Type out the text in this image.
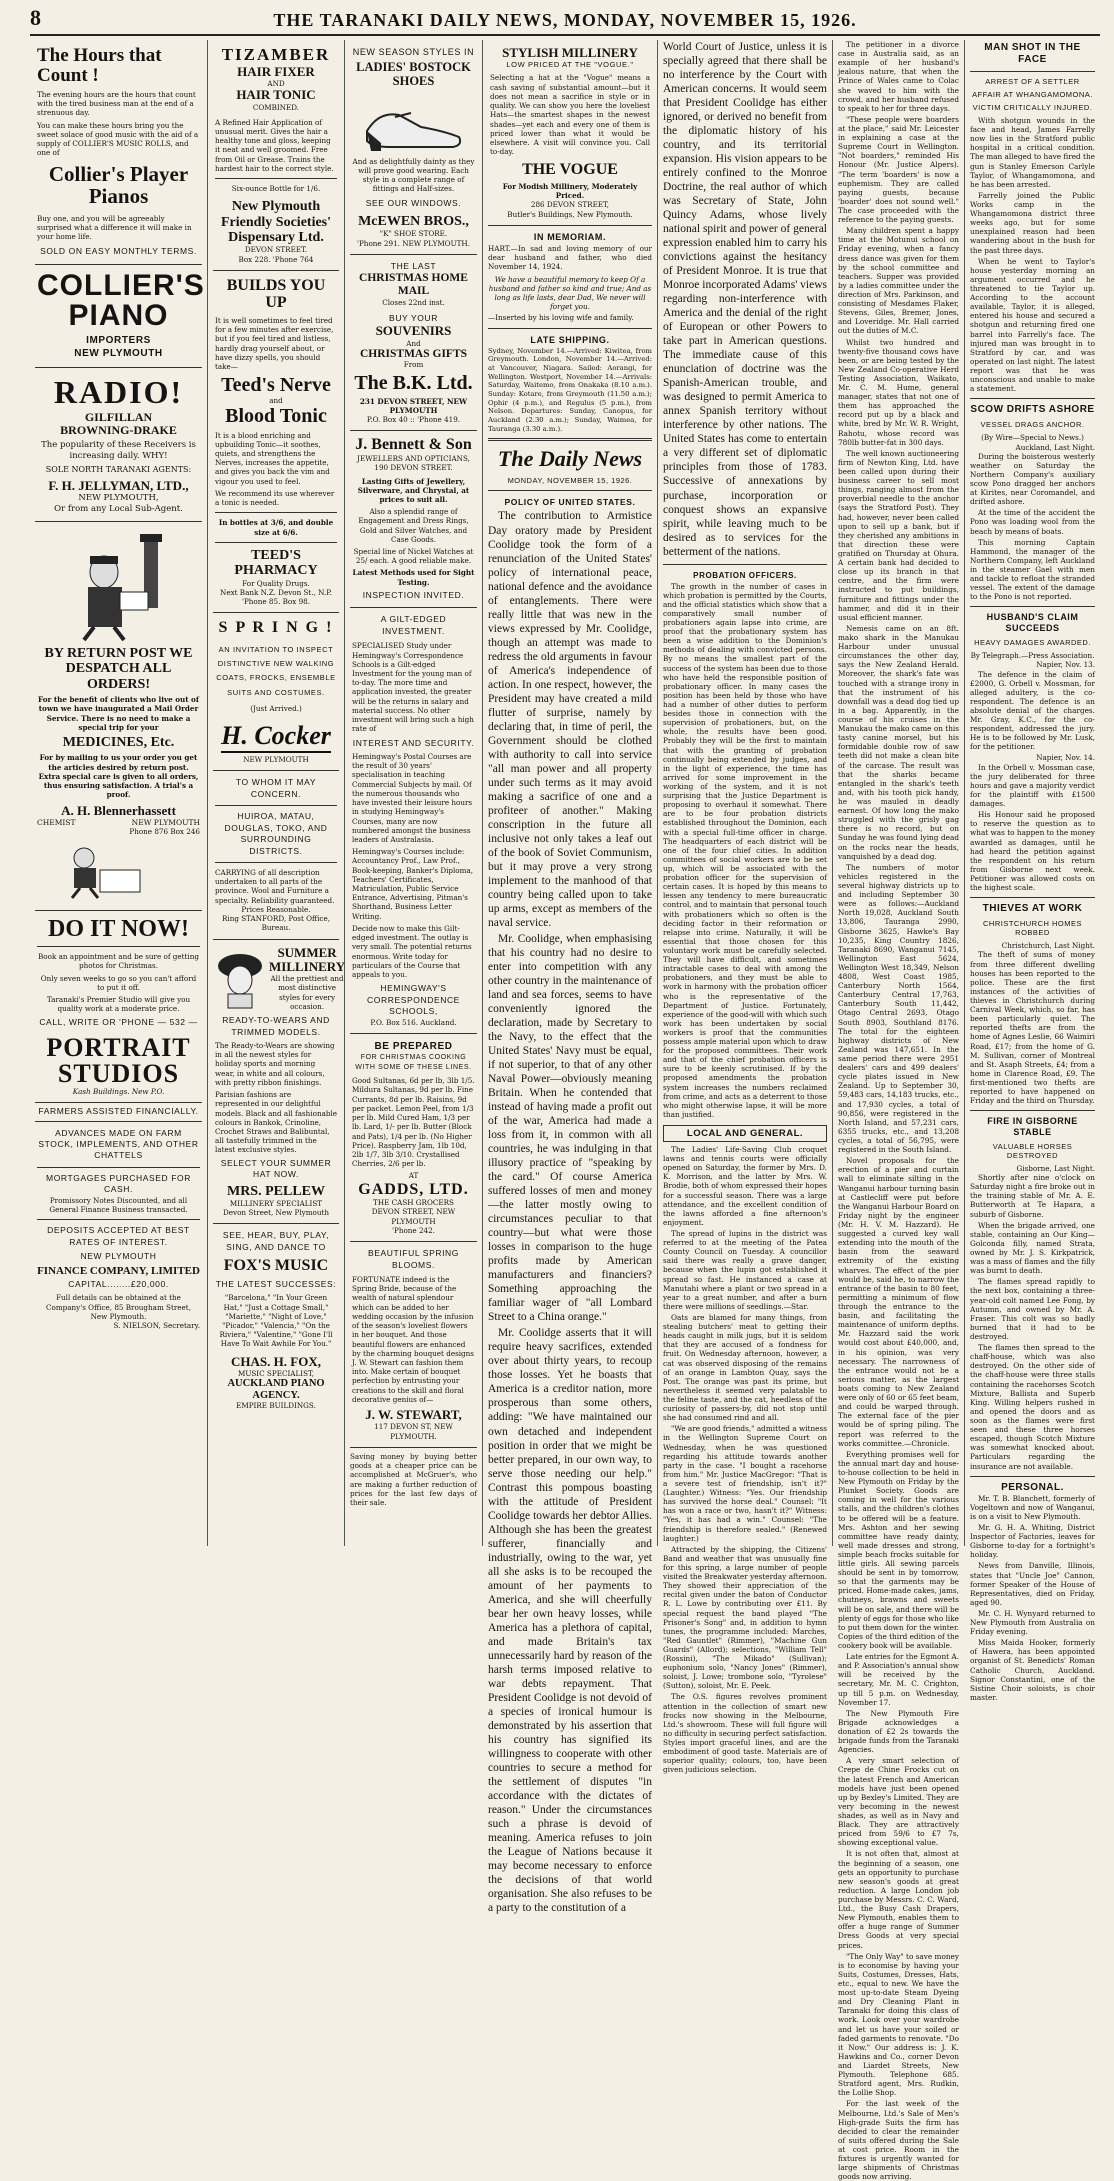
8	THE TARANAKI DAILY NEWS, MONDAY, NOVEMBER 15, 1926.
The Hours that Count !

The evening hours are the hours that count with the tired business man at the end of a strenuous day.

You can make these hours bring you the sweet solace of good music with the aid of a supply of COLLIER'S MUSIC ROLLS, and one of

Collier's Player Pianos

Buy one, and you will be agreeably surprised what a difference it will make in your home life.

SOLD ON EASY MONTHLY TERMS.
COLLIER'S PIANO
IMPORTERS
NEW PLYMOUTH
RADIO!
GILFILLAN
BROWNING-DRAKE

The popularity of these Receivers is increasing daily. WHY!

SOLE NORTH TARANAKI AGENTS:

F. H. JELLYMAN, LTD.,

NEW PLYMOUTH,

Or from any Local Sub-Agent.

BY RETURN POST WE DESPATCH ALL ORDERS!

For the benefit of clients who live out of town we have inaugurated a Mail Order Service. There is no need to make a special trip for your

MEDICINES, Etc.

For by mailing to us your order you get the articles desired by return post. Extra special care is given to all orders, thus ensuring satisfaction. A trial's a proof.

A. H. Blennerhassett
CHEMIST	NEW PLYMOUTH
Phone 876 Box 246
DO IT NOW!

Book an appointment and be sure of getting photos for Christmas.

Only seven weeks to go so you can't afford to put it off.

Taranaki's Premier Studio will give you quality work at a moderate price.

CALL, WRITE OR 'PHONE — 532 —
PORTRAIT STUDIOS
Kash Buildings. New P.O.
FARMERS ASSISTED FINANCIALLY.
ADVANCES MADE ON FARM STOCK, IMPLEMENTS, AND OTHER CHATTELS
MORTGAGES PURCHASED FOR CASH.

Promissory Notes Discounted, and all General Finance Business transacted.

DEPOSITS ACCEPTED AT BEST RATES OF INTEREST.
NEW PLYMOUTH
FINANCE COMPANY, LIMITED
CAPITAL........£20,000.

Full details can be obtained at the Company's Office, 85 Brougham Street, New Plymouth.

S. NIELSON, Secretary.
TIZAMBER
HAIR FIXER
AND
HAIR TONIC
COMBINED.

A Refined Hair Application of unusual merit. Gives the hair a healthy tone and gloss, keeping it neat and well groomed. Free from Oil or Grease. Trains the hardest hair to the correct style.

Six-ounce Bottle for 1/6.
New Plymouth Friendly Societies' Dispensary Ltd.
DEVON STREET.
Box 228. 'Phone 764
BUILDS YOU UP

It is well sometimes to feel tired for a few minutes after exercise, but if you feel tired and listless, hardly drag yourself about, or have dizzy spells, you should take—

Teed's Nerve
and
Blood Tonic

It is a blood enriching and upbuilding Tonic—it soothes, quiets, and strengthens the Nerves, increases the appetite, and gives you back the vim and vigour you used to feel.

We recommend its use wherever a tonic is needed.

In bottles at 3/6, and double size at 6/6.
TEED'S PHARMACY
For Quality Drugs.
Next Bank N.Z. Devon St., N.P.
'Phone 85. Box 98.
S P R I N G !

AN INVITATION TO INSPECT DISTINCTIVE NEW WALKING COATS, FROCKS, ENSEMBLE SUITS AND COSTUMES.

(Just Arrived.)
H. Cocker
NEW PLYMOUTH
TO WHOM IT MAY CONCERN.
HUIROA, MATAU, DOUGLAS, TOKO, AND SURROUNDING DISTRICTS.

CARRYING of all description undertaken to all parts of the province. Wool and Furniture a specialty. Reliability guaranteed.

Prices Reasonable.
Ring STANFORD, Post Office, Bureau.
SUMMER MILLINERY

All the prettiest and most distinctive styles for every occasion.

READY-TO-WEARS AND TRIMMED MODELS.

The Ready-to-Wears are showing in all the newest styles for holiday sports and morning wear, in white and all colours, with pretty ribbon finishings.

Parisian fashions are represented in our delightful models. Black and all fashionable colours in Bankok, Crinoline, Crochet Straws and Balibuntal, all tastefully trimmed in the latest exclusive styles.

SELECT YOUR SUMMER HAT NOW.
MRS. PELLEW
MILLINERY SPECIALIST
Devon Street, New Plymouth
SEE, HEAR, BUY, PLAY, SING, AND DANCE TO
FOX'S MUSIC
THE LATEST SUCCESSES:

"Barcelona," "In Your Green Hat," "Just a Cottage Small," "Mariette," "Night of Love," "Picador," "Valencia," "On the Riviera," "Valentine," "Gone I'll Have To Wait Awhile For You."

CHAS. H. FOX,
MUSIC SPECIALIST,
AUCKLAND PIANO AGENCY.
EMPIRE BUILDINGS.
NEW SEASON STYLES IN
LADIES' BOSTOCK SHOES

And as delightfully dainty as they will prove good wearing. Each style in a complete range of fittings and Half-sizes.

SEE OUR WINDOWS.
McEWEN BROS.,
"K" SHOE STORE.
'Phone 291. NEW PLYMOUTH.
THE LAST
CHRISTMAS HOME MAIL
Closes 22nd inst.
BUY YOUR
SOUVENIRS
And
CHRISTMAS GIFTS
From
The B.K. Ltd.
231 DEVON STREET, NEW PLYMOUTH
P.O. Box 40 :: 'Phone 419.
J. Bennett & Son
JEWELLERS AND OPTICIANS,
190 DEVON STREET.

Lasting Gifts of Jewellery, Silverware, and Chrystal, at prices to suit all.

Also a splendid range of Engagement and Dress Rings, Gold and Silver Watches, and Case Goods.

Special line of Nickel Watches at 25/ each. A good reliable make.

Latest Methods used for Sight Testing.
INSPECTION INVITED.
A GILT-EDGED INVESTMENT.

SPECIALISED Study under Hemingway's Correspondence Schools is a Gilt-edged Investment for the young man of to-day. The more time and application invested, the greater will be the returns in salary and material success. No other investment will bring such a high rate of

INTEREST AND SECURITY.

Hemingway's Postal Courses are the result of 30 years' specialisation in teaching Commercial Subjects by mail. Of the numerous thousands who have invested their leisure hours in studying Hemingway's Courses, many are now numbered amongst the business leaders of Australasia.

Hemingway's Courses include: Accountancy Prof., Law Prof., Book-keeping, Banker's Diploma, Teachers' Certificates, Matriculation, Public Service Entrance, Advertising, Pitman's Shorthand, Business Letter Writing.

Decide now to make this Gilt-edged investment. The outlay is very small. The potential returns enormous. Write today for particulars of the Course that appeals to you.

HEMINGWAY'S CORRESPONDENCE SCHOOLS,
P.O. Box 516. Auckland.
BE PREPARED
FOR CHRISTMAS COOKING WITH SOME OF THESE LINES.

Good Sultanas, 6d per lb, 3lb 1/5. Mildura Sultanas, 9d per lb. Fine Currants, 8d per lb. Raisins, 9d per packet. Lemon Peel, from 1/3 per lb. Mild Cured Ham, 1/3 per lb. Lard, 1/- per lb. Butter (Block and Pats), 1/4 per lb. (No Higher Price). Raspberry Jam, 1lb 10d, 2lb 1/7, 3lb 3/10. Crystallised Cherries, 2/6 per lb.

AT
GADDS, LTD.
THE CASH GROCERS
DEVON STREET, NEW PLYMOUTH
'Phone 242.
BEAUTIFUL SPRING BLOOMS.

FORTUNATE indeed is the Spring Bride, because of the wealth of natural splendour which can be added to her wedding occasion by the infusion of the season's loveliest flowers in her bouquet. And those beautiful flowers are enhanced by the charming bouquet designs J. W. Stewart can fashion them into. Make certain of bouquet perfection by entrusting your creations to the skill and floral decorative genius of—

J. W. STEWART,
117 DEVON ST, NEW PLYMOUTH.

Saving money by buying better goods at a cheaper price can be accomplished at McGruer's, who are making a further reduction of prices for the last few days of their sale.

STYLISH MILLINERY
LOW PRICED AT THE "VOGUE."

Selecting a hat at the "Vogue" means a cash saving of substantial amount—but it does not mean a sacrifice in style or in quality. We can show you here the loveliest Hats—the smartest shapes in the newest shades—yet each and every one of them is priced lower than what it would be elsewhere. A visit will convince you. Call to-day.

THE VOGUE
For Modish Millinery, Moderately Priced.
286 DEVON STREET,
Butler's Buildings, New Plymouth.
IN MEMORIAM.

HART.—In sad and loving memory of our dear husband and father, who died November 14, 1924.

We have a beautiful memory to keep Of a husband and father so kind and true; And as long as life lasts, dear Dad, We never will forget you.

—Inserted by his loving wife and family.

LATE SHIPPING.

Sydney, November 14.—Arrived: Kiwitea, from Greymouth. London, November 14.—Arrived: at Vancouver, Niagara. Sailed: Aorangi, for Wellington. Westport, November 14.—Arrivals: Saturday, Waitemo, from Onakaka (8.10 a.m.). Sunday: Kotare, from Greymouth (11.50 a.m.); Ophir (4 p.m.), and Regulus (5 p.m.), from Nelson. Departures: Sunday, Canopus, for Auckland (2.30 a.m.); Sunday, Waimea, for Tauranga (3.30 a.m.).

The Daily News
MONDAY, NOVEMBER 15, 1926.
POLICY OF UNITED STATES.

The contribution to Armistice Day oratory made by President Coolidge took the form of a renunciation of the United States' policy of international peace, national defence and the avoidance of entanglements. There were really little that was new in the views expressed by Mr. Coolidge, though an attempt was made to redress the old arguments in favour of America's independence of action. In one respect, however, the President may have created a mild flutter of surprise, namely by declaring that, in time of peril, the Government should be clothed with authority to call into service "all man power and all property under such terms as it may avoid making a sacrifice of one and a profiteer of another." Making conscription in the future all inclusive not only takes a leaf out of the book of Soviet Communism, but it may prove a very strong implement to the manhood of that country being called upon to take up arms, except as members of the naval service.

Mr. Coolidge, when emphasising that his country had no desire to enter into competition with any other country in the maintenance of land and sea forces, seems to have conveniently ignored the declaration, made by Secretary to the Navy, to the effect that the United States' Navy must be equal, if not superior, to that of any other Naval Power—obviously meaning Britain. When he contended that instead of having made a profit out of the war, America had made a loss from it, in common with all countries, he was indulging in that illusory practice of "speaking by the card." Of course America suffered losses of men and money—the latter mostly owing to circumstances peculiar to that country—but what were those losses in comparison to the huge profits made by American manufacturers and financiers? Something approaching the familiar wager of "all Lombard Street to a China orange."

Mr. Coolidge asserts that it will require heavy sacrifices, extended over about thirty years, to recoup those losses. Yet he boasts that America is a creditor nation, more prosperous than some others, adding: "We have maintained our own detached and independent position in order that we might be better prepared, in our own way, to serve those needing our help." Contrast this pompous boasting with the attitude of President Coolidge towards her debtor Allies. Although she has been the greatest sufferer, financially and industrially, owing to the war, yet all she asks is to be recouped the amount of her payments to America, and she will cheerfully bear her own heavy losses, while America has a plethora of capital, and made Britain's tax unnecessarily hard by reason of the harsh terms imposed relative to war debts repayment. That President Coolidge is not devoid of a species of ironical humour is demonstrated by his assertion that his country has signified its willingness to cooperate with other countries to secure a method for the settlement of disputes "in accordance with the dictates of reason." Under the circumstances such a phrase is devoid of meaning. America refuses to join the League of Nations because it may become necessary to enforce the decisions of that world organisation. She also refuses to be a party to the constitution of a

World Court of Justice, unless it is specially agreed that there shall be no interference by the Court with American concerns. It would seem that President Coolidge has either ignored, or derived no benefit from the diplomatic history of his country, and its territorial expansion. His vision appears to be entirely confined to the Monroe Doctrine, the real author of which was Secretary of State, John Quincy Adams, whose lively national spirit and power of general expression enabled him to carry his convictions against the hesitancy of President Monroe. It is true that Monroe incorporated Adams' views regarding non-interference with America and the denial of the right of European or other Powers to take part in American questions. The immediate cause of this enunciation of doctrine was the Spanish-American trouble, and was designed to permit America to annex Spanish territory without interference by other nations. The United States has come to entertain a very different set of diplomatic principles from those of 1783. Successive of annexations by purchase, incorporation or conquest shows an expansive spirit, while leaving much to be desired as to services for the betterment of the nations.

PROBATION OFFICERS.

The growth in the number of cases in which probation is permitted by the Courts, and the official statistics which show that a comparatively small number of probationers again lapse into crime, are proof that the probationary system has been a wise addition to the Dominion's methods of dealing with convicted persons. By no means the smallest part of the success of the system has been due to those who have held the responsible position of probationary officer. In many cases the position has been held by those who have had a number of other duties to perform besides those in connection with the supervision of probationers, but, on the whole, the results have been good. Probably they will be the first to maintain that with the granting of probation continually being extended by judges, and in the light of experience, the time has arrived for some improvement in the working of the system, and it is not surprising that the Justice Department is proposing to overhaul it somewhat. There are to be four probation districts established throughout the Dominion, each with a special full-time officer in charge. The headquarters of each district will be one of the four chief cities. In addition committees of social workers are to be set up, which will be associated with the probation officer for the supervision of certain cases. It is hoped by this means to lessen any tendency to mere bureaucratic control, and to maintain that personal touch with probationers which so often is the deciding factor in their reformation or relapse into crime. Naturally, it will be essential that those chosen for this voluntary work must be carefully selected. They will have difficult, and sometimes intractable cases to deal with among the probationers, and they must be able to work in harmony with the probation officer who is the representative of the Department of Justice. Fortunately, experience of the good-will with which such work has been undertaken by social workers is proof that the communities possess ample material upon which to draw for the proposed committees. Their work and that of the chief probation officers is sure to be keenly scrutinised. If by the proposed amendments the probation system increases the numbers reclaimed from crime, and acts as a deterrent to those who might otherwise lapse, it will be more than justified.

LOCAL AND GENERAL.

The Ladies' Life-Saving Club croquet lawns and tennis courts were officially opened on Saturday, the former by Mrs. D. K. Morrison, and the latter by Mrs. W. Brodie, both of whom expressed their hopes for a successful season. There was a large attendance, and the excellent condition of the lawns afforded a fine afternoon's enjoyment.

The spread of lupins in the district was referred to at the meeting of the Patea County Council on Tuesday. A councillor said there was really a grave danger, because when the lupin got established it spread so fast. He instanced a case at Manutahi where a plant or two spread in a year to a great number, and after a burn there were millions of seedlings.—Star.

Oats are blamed for many things, from stealing butchers' meat to getting their heads caught in milk jugs, but it is seldom that they are accused of a fondness for fruit. On Wednesday afternoon, however, a cat was observed disposing of the remains of an orange in Lambton Quay, says the Post. The orange was past its prime, but nevertheless it seemed very palatable to the feline taste, and the cat, heedless of the curiosity of passers-by, did not stop until she had consumed rind and all.

"We are good friends," admitted a witness in the Wellington Supreme Court on Wednesday, when he was questioned regarding his attitude towards another party in the case. "I bought a racehorse from him." Mr. Justice MacGregor: "That is a severe test of friendship, isn't it?" (Laughter.) Witness: "Yes. Our friendship has survived the horse deal." Counsel: "It has won a race or two, hasn't it?" Witness: "Yes, it has had a win." Counsel: "The friendship is therefore sealed." (Renewed laughter.)

Attracted by the shipping, the Citizens' Band and weather that was unusually fine for this spring, a large number of people visited the Breakwater yesterday afternoon. They showed their appreciation of the recital given under the baton of Conductor R. L. Lowe by contributing over £11. By special request the band played "The Prisoner's Song" and, in addition to hymn tunes, the programme included: Marches, "Red Gauntlet" (Rimmer), "Machine Gun Guards" (Allord); selections, "William Tell" (Rossini), "The Mikado" (Sullivan); euphonium solo, "Nancy Jones" (Rimmer), soloist, J. Lowe; trombone solo, "Tyrolese" (Sutton), soloist, Mr. E. Peek.

The O.S. figures revolves prominent attention in the collection of smart new frocks now showing in the Melbourne, Ltd.'s showroom. These will full figure will no difficulty in securing perfect satisfaction. Styles import graceful lines, and are the embodiment of good taste. Materials are of superior quality; colours, too, have been given judicious selection.

The petitioner in a divorce case in Australia said, as an example of her husband's jealous nature, that when the Prince of Wales came to Colac she waved to him with the crowd, and her husband refused to speak to her for three days.

"These people were boarders at the place," said Mr. Leicester in explaining a case at the Supreme Court in Wellington. "Not boarders," reminded His Honour (Mr. Justice Alpers). "The term 'boarders' is now a euphemism. They are called paying guests, because 'boarder' does not sound well." The case proceeded with the reference to the paying guests.

Many children spent a happy time at the Motunui school on Friday evening, when a fancy dress dance was given for them by the school committee and teachers. Supper was provided by a ladies committee under the direction of Mrs. Parkinson, and consisting of Mesdames Flaker, Stevens, Giles, Bremer, Jones, and Loveridge. Mr. Hall carried out the duties of M.C.

Whilst two hundred and twenty-five thousand cows have been, or are being tested by the New Zealand Co-operative Herd Testing Association, Waikato, Mr. C. M. Hume, general manager, states that not one of them has approached the record put up by a black and white, bred by Mr. W. R. Wright, Rahotu, whose record was 780lb butter-fat in 300 days.

The well known auctioneering firm of Newton King, Ltd. have been called upon during their business career to sell most things, ranging almost from the proverbial needle to the anchor (says the Stratford Post). They had, however, never been called upon to sell up a bank, but if they cherished any ambitions in that direction these were gratified on Thursday at Ohura. A certain bank had decided to close up its branch in that centre, and the firm were instructed to put buildings, furniture and fittings under the hammer, and did it in their usual efficient manner.

Nemesis came on an 8ft. mako shark in the Manukau Harbour under unusual circumstances the other day, says the New Zealand Herald. Moreover, the shark's fate was touched with a strange irony in that the instrument of his downfall was a dead dog tied up in a bag. Apparently, in the course of his cruises in the Manukau the mako came on this tasty canine morsel, but his formidable double row of saw teeth did not make a clean bite of the carcase. The result was that the sharks became entangled in the shark's teeth and, with his tooth pick handy, he was mauled in deadly earnest. Of how long the mako struggled with the grisly gag there is no record, but on Sunday he was found lying dead on the rocks near the heads, vanquished by a dead dog.

The numbers of motor vehicles registered in the several highway districts up to and including September 30 were as follows:—Auckland North 19,028, Auckland South 13,806, Tauranga 2990, Gisborne 3625, Hawke's Bay 10,235, King Country 1826, Taranaki 8690, Wanganui 7145, Wellington East 5624, Wellington West 18,349, Nelson 4808, West Coast 1985, Canterbury North 1564, Canterbury Central 17,763, Canterbury South 11,442, Otago Central 2693, Otago South 8903, Southland 8176. The total for the eighteen highway districts of New Zealand was 147,651. In the same period there were 2951 dealers' cars and 499 dealers' cycle plates issued in New Zealand. Up to September 30, 59,483 cars, 14,183 trucks, etc., and 17,930 cycles, a total of 90,856, were registered in the North Island, and 57,231 cars, 6355 trucks, etc., and 13,208 cycles, a total of 56,795, were registered in the South Island.

Novel proposals for the erection of a pier and curtain wall to eliminate silting in the Wanganui harbour turning basin at Castlecliff were put before the Wanganui Harbour Board on Friday night by the engineer (Mr. H. V. M. Hazzard). He suggested a curved key wall extending into the mouth of the basin from the seaward extremity of the existing wharves. The effect of the pier would be, said he, to narrow the entrance of the basin to 80 feet, permitting a minimum of flow through the entrance to the basin, and facilitating the maintenance of uniform depths. Mr. Hazzard said the work would cost about £40,000, and, in his opinion, was very necessary. The narrowness of the entrance would not be a serious matter, as the largest boats coming to New Zealand were only of 60 or 65 feet beam, and could be warped through. The external face of the pier would be of spring piling. The report was referred to the works committee.—Chronicle.

Everything promises well for the annual mart day and house-to-house collection to be held in New Plymouth on Friday by the Plunket Society. Goods are coming in well for the various stalls, and the children's clothes to be offered will be a feature. Mrs. Ashton and her sewing committee have ready dainty, well made dresses and strong, simple beach frocks suitable for little girls. All sewing parcels should be sent in by tomorrow, so that the garments may be priced. Home-made cakes, jams, chutneys, brawns and sweets will be on sale, and there will be plenty of eggs for those who like to put them down for the winter. Copies of the third edition of the cookery book will be available.

Late entries for the Egmont A. and P. Association's annual show will be received by the secretary, Mr. M. C. Crighton, up till 5 p.m. on Wednesday, November 17.

The New Plymouth Fire Brigade acknowledges a donation of £2 2s towards the brigade funds from the Taranaki Agencies.

A very smart selection of Crepe de Chine Frocks cut on the latest French and American models have just been opened up by Bexley's Limited. They are very becoming in the newest shades, as well as in Navy and Black. They are attractively priced from 59/6 to £7 7s, showing exceptional value.

It is not often that, almost at the beginning of a season, one gets an opportunity to purchase new season's goods at great reduction. A large London job purchase by Messrs. C. C. Ward, Ltd., the Busy Cash Drapers, New Plymouth, enables them to offer a huge range of Summer Dress Goods at very special prices.

"The Only Way" to save money is to economise by having your Suits, Costumes, Dresses, Hats, etc., equal to new. We have the most up-to-date Steam Dyeing and Dry Cleaning Plant in Taranaki for doing this class of work. Look over your wardrobe and let us have your soiled or faded garments to renovate. "Do it Now." Our address is: J. K. Hawkins and Co., corner Devon and Liardet Streets, New Plymouth. Telephone 685. Stratford agent, Mrs. Rudkin, the Lollie Shop.

For the last week of the Melbourne, Ltd.'s Sale of Men's High-grade Suits the firm has decided to clear the remainder of suits offered during the Sale at cost price. Room in the fixtures is urgently wanted for large shipments of Christmas goods now arriving.

MAN SHOT IN THE FACE
ARREST OF A SETTLER
AFFAIR AT WHANGAMOMONA.
VICTIM CRITICALLY INJURED.

With shotgun wounds in the face and head, James Farrelly now lies in the Stratford public hospital in a critical condition. The man alleged to have fired the gun is Stanley Emerson Carlyle Taylor, of Whangamomona, and he has been arrested.

Farrelly joined the Public Works camp in the Whangamomona district three weeks ago, but for some unexplained reason had been wandering about in the bush for the past three days.

When he went to Taylor's house yesterday morning an argument occurred and he threatened to tie Taylor up. According to the account available, Taylor, it is alleged, entered his house and secured a shotgun and returning fired one barrel into Farrelly's face. The injured man was brought in to Stratford by car, and was operated on last night. The latest report was that he was unconscious and unable to make a statement.

SCOW DRIFTS ASHORE
VESSEL DRAGS ANCHOR.
(By Wire—Special to News.)
Auckland, Last Night.

During the boisterous westerly weather on Saturday the Northern Company's auxiliary scow Pono dragged her anchors at Kirites, near Coromandel, and drifted ashore.

At the time of the accident the Pono was loading wool from the beach by means of boats.

This morning Captain Hammond, the manager of the Northern Company, left Auckland in the steamer Gael with men and tackle to refloat the stranded vessel. The extent of the damage to the Pono is not reported.

HUSBAND'S CLAIM SUCCEEDS
HEAVY DAMAGES AWARDED.
By Telegraph.—Press Association.
Napier, Nov. 13.

The defence in the claim of £2000, G. Orbell v. Mossman, for alleged adultery, is the co-respondent. The defence is an absolute denial of the charges. Mr. Gray, K.C., for the co-respondent, addressed the jury. He is to be followed by Mr. Lusk, for the petitioner.

Napier, Nov. 14.

In the Orbell v. Mossman case, the jury deliberated for three hours and gave a majority verdict for the plaintiff with £1500 damages.

His Honour said he proposed to reserve the question as to what was to happen to the money awarded as damages, until he had heard the petition against the respondent on his return from Gisborne next week. Petitioner was allowed costs on the highest scale.

THIEVES AT WORK
CHRISTCHURCH HOMES ROBBED
Christchurch, Last Night.

The theft of sums of money from three different dwelling houses has been reported to the police. These are the first instances of the activities of thieves in Christchurch during Carnival Week, which, so far, has been particularly quiet. The reported thefts are from the home of Agnes Leslie, 66 Waimiri Road, £17; from the home of G. M. Sullivan, corner of Montreal and St. Asaph Streets, £4; from a home in Clarence Road, £9. The first-mentioned two thefts are reported to have happened on Friday and the third on Thursday.

FIRE IN GISBORNE STABLE
VALUABLE HORSES DESTROYED
Gisborne, Last Night.

Shortly after nine o'clock on Saturday night a fire broke out in the training stable of Mr. A. E. Butterworth at Te Hapara, a suburb of Gisborne.

When the brigade arrived, one stable, containing an Our King—Golconda filly, named Strata, owned by Mr. J. S. Kirkpatrick, was a mass of flames and the filly was burnt to death.

The flames spread rapidly to the next box, containing a three-year-old colt named Lee Fong, by Autumn, and owned by Mr. A. Fraser. This colt was so badly burned that it had to be destroyed.

The flames then spread to the chaff-house, which was also destroyed. On the other side of the chaff-house were three stalls containing the racehorses Scotch Mixture, Ballista and Superb King. Willing helpers rushed in and opened the doors and as soon as the flames were first seen and these three horses escaped, though Scotch Mixture was somewhat knocked about. Particulars regarding the insurance are not available.

PERSONAL.

Mr. T. B. Blanchett, formerly of Vogeltown and now of Wanganui, is on a visit to New Plymouth.

Mr. G. H. A. Whiting, District Inspector of Factories, leaves for Gisborne to-day for a fortnight's holiday.

News from Danville, Illinois, states that "Uncle Joe" Cannon, former Speaker of the House of Representatives, died on Friday, aged 90.

Mr. C. H. Wynyard returned to New Plymouth from Australia on Friday evening.

Miss Maida Hooker, formerly of Hawera, has been appointed organist of St. Benedicts' Roman Catholic Church, Auckland. Signor Constantini, one of the Sistine Choir soloists, is choir master.
